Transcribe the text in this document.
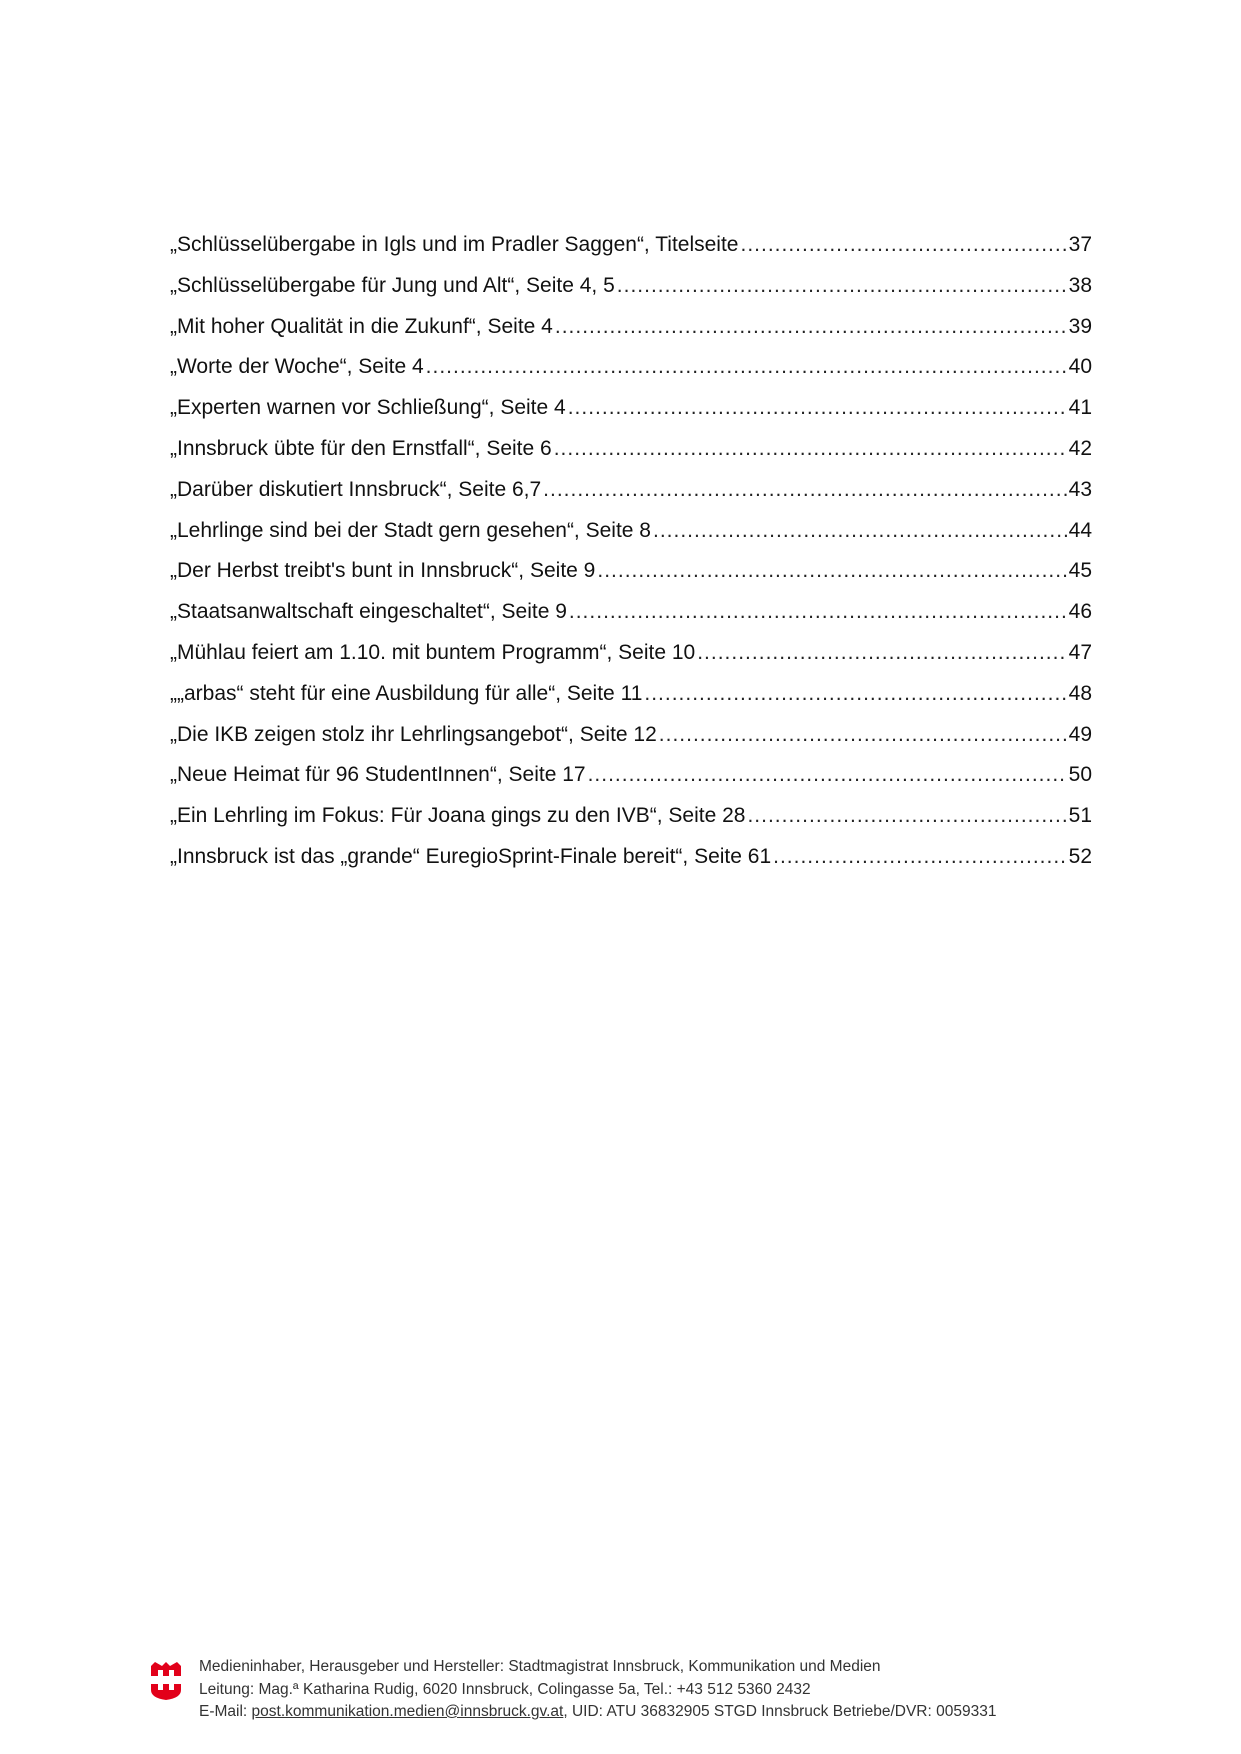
„Schlüsselübergabe in Igls und im Pradler Saggen“, Titelseite .....	37
„Schlüsselübergabe für Jung und Alt“, Seite 4, 5 .....	38
„Mit hoher Qualität in die Zukunf“, Seite 4 .....	39
„Worte der Woche“, Seite 4 .....	40
„Experten warnen vor Schließung“, Seite 4 .....	41
„Innsbruck übte für den Ernstfall“, Seite 6 .....	42
„Darüber diskutiert Innsbruck“, Seite 6,7 .....	43
„Lehrlinge sind bei der Stadt gern gesehen“, Seite 8 .....	44
„Der Herbst treibt's bunt in Innsbruck“, Seite 9 .....	45
„Staatsanwaltschaft eingeschaltet“, Seite 9 .....	46
„Mühlau feiert am 1.10. mit buntem Programm“, Seite 10 .....	47
„„arbas“ steht für eine Ausbildung für alle“, Seite 11 .....	48
„Die IKB zeigen stolz ihr Lehrlingsangebot“, Seite 12 .....	49
„Neue Heimat für 96 StudentInnen“, Seite 17 .....	50
„Ein Lehrling im Fokus: Für Joana gings zu den IVB“, Seite 28 .....	51
„Innsbruck ist das „grande“ EuregioSprint-Finale bereit“, Seite 61 .....	52
Medieninhaber, Herausgeber und Hersteller: Stadtmagistrat Innsbruck, Kommunikation und Medien
Leitung: Mag.ª Katharina Rudig, 6020 Innsbruck, Colingasse 5a, Tel.: +43 512 5360 2432
E-Mail: post.kommunikation.medien@innsbruck.gv.at, UID: ATU 36832905 STGD Innsbruck Betriebe/DVR: 0059331
